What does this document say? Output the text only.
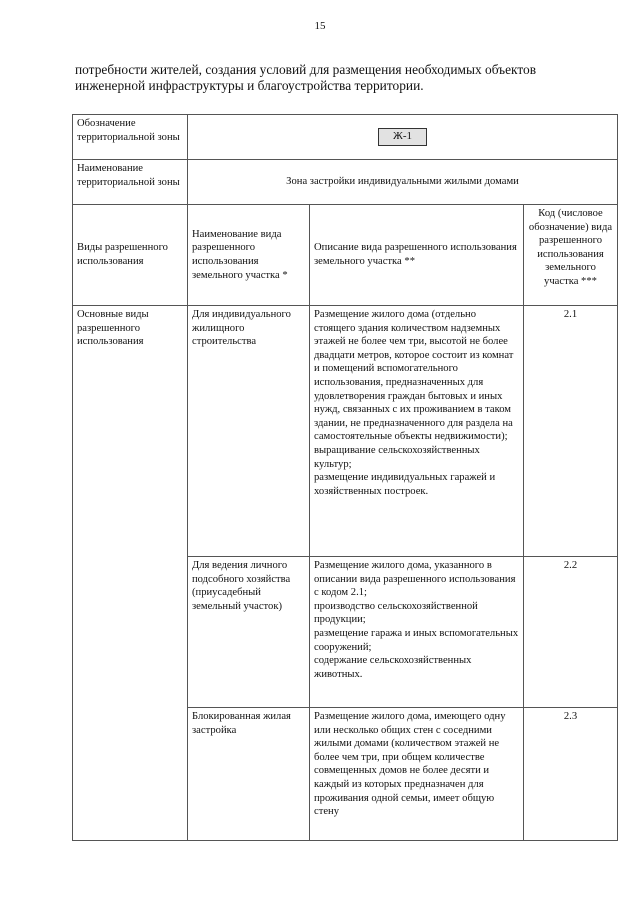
15

потребности жителей, создания условий для размещения необходимых объектов
инженерной инфраструктуры и благоустройства территории.

Обозначение территориальной зоны	Ж-1		
Наименование территориальной зоны	Зона застройки индивидуальными жилыми домами		
Виды разрешенного использования	Наименование вида разрешенного использования земельного участка *	Описание вида разрешенного использования земельного участка **	Код (числовое обозначение) вида разрешенного использования земельного участка ***
Основные виды разрешенного использования	Для индивидуального жилищного строительства	Размещение жилого дома (отдельно стоящего здания количеством надземных этажей не более чем три, высотой не более двадцати метров, которое состоит из комнат и помещений вспомогательного использования, предназначенных для удовлетворения граждан бытовых и иных нужд, связанных с их проживанием в таком здании, не предназначенного для раздела на самостоятельные объекты недвижимости);
выращивание сельскохозяйственных культур;
размещение индивидуальных гаражей и хозяйственных построек.	2.1
	Для ведения личного подсобного хозяйства (приусадебный земельный участок)	Размещение жилого дома, указанного в описании вида разрешенного использования с кодом 2.1;
производство сельскохозяйственной продукции;
размещение гаража и иных вспомогательных сооружений;
содержание сельскохозяйственных животных.	2.2
	Блокированная жилая застройка	Размещение жилого дома, имеющего одну или несколько общих стен с соседними жилыми домами (количеством этажей не более чем три, при общем количестве совмещенных домов не более десяти и каждый из которых предназначен для проживания одной семьи, имеет общую стену	2.3
